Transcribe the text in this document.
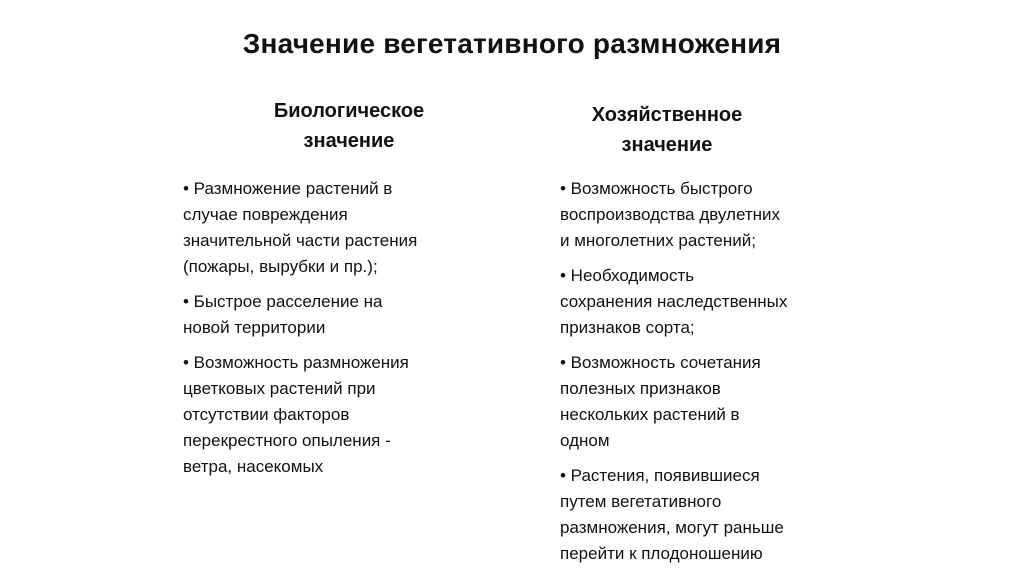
Значение вегетативного размножения
Биологическое
значение
• Размножение растений в
случае повреждения
значительной части растения
(пожары, вырубки и пр.);
• Быстрое расселение на
новой территории
• Возможность размножения
цветковых растений при
отсутствии факторов
перекрестного опыления -
ветра, насекомых
Хозяйственное
значение
• Возможность быстрого
воспроизводства двулетних
и многолетних растений;
• Необходимость
сохранения наследственных
признаков сорта;
• Возможность сочетания
полезных признаков
нескольких растений в
одном
• Растения, появившиеся
путем вегетативного
размножения, могут раньше
перейти к плодоношению
